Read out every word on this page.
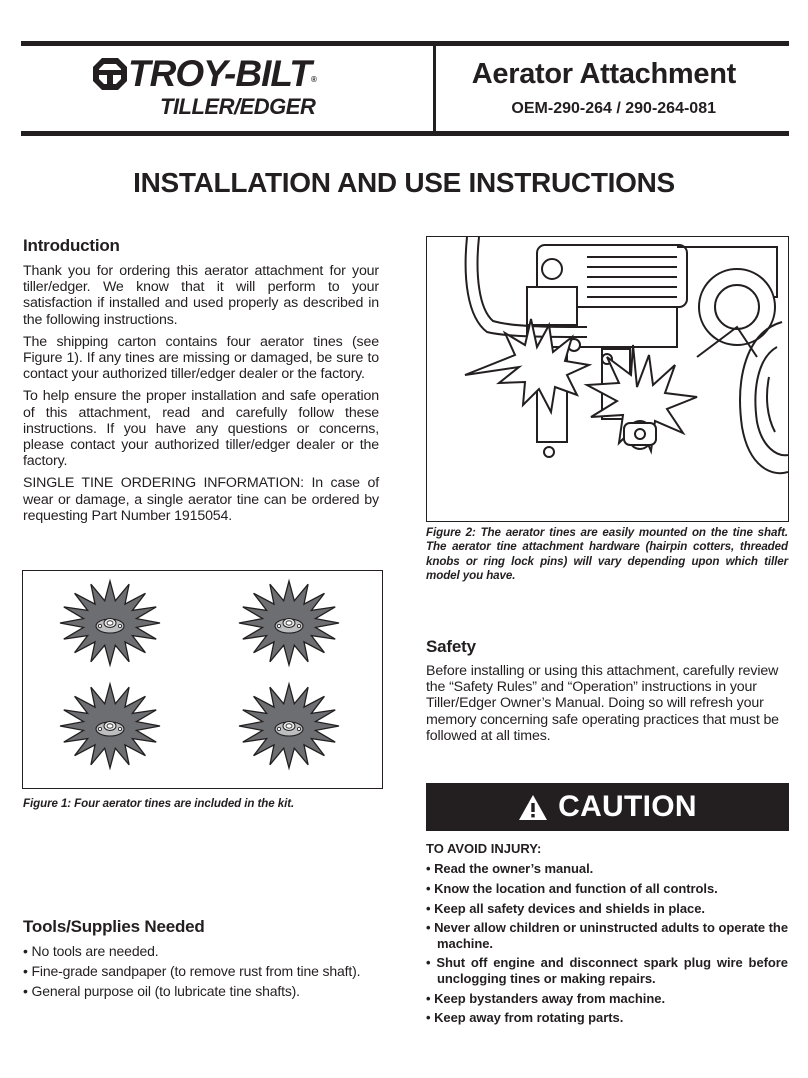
TROY-BILT®
TILLER/EDGER
Aerator Attachment
OEM-290-264 / 290-264-081
INSTALLATION AND USE INSTRUCTIONS
Introduction

Thank you for ordering this aerator attachment for your tiller/edger. We know that it will perform to your satisfaction if installed and used properly as described in the following instructions.

The shipping carton contains four aerator tines (see Figure 1). If any tines are missing or damaged, be sure to contact your authorized tiller/edger dealer or the factory.

To help ensure the proper installation and safe operation of this attachment, read and carefully follow these instructions. If you have any questions or concerns, please contact your authorized tiller/edger dealer or the factory.

SINGLE TINE ORDERING INFORMATION: In case of wear or damage, a single aerator tine can be ordered by requesting Part Number 1915054.

Figure 1: Four aerator tines are included in the kit.
Tools/Supplies Needed
• No tools are needed.
• Fine-grade sandpaper (to remove rust from tine shaft).
• General purpose oil (to lubricate tine shafts).
Figure 2: The aerator tines are easily mounted on the tine shaft. The aerator tine attachment hardware (hairpin cotters, threaded knobs or ring lock pins) will vary depending upon which tiller model you have.
Safety

Before installing or using this attachment, carefully review the “Safety Rules” and “Operation” instructions in your Tiller/Edger Owner’s Manual. Doing so will refresh your memory concerning safe operating practices that must be followed at all times.

CAUTION
TO AVOID INJURY:
• Read the owner’s manual.
• Know the location and function of all controls.
• Keep all safety devices and shields in place.
• Never allow children or uninstructed adults to operate the machine.
• Shut off engine and disconnect spark plug wire before unclogging tines or making repairs.
• Keep bystanders away from machine.
• Keep away from rotating parts.
